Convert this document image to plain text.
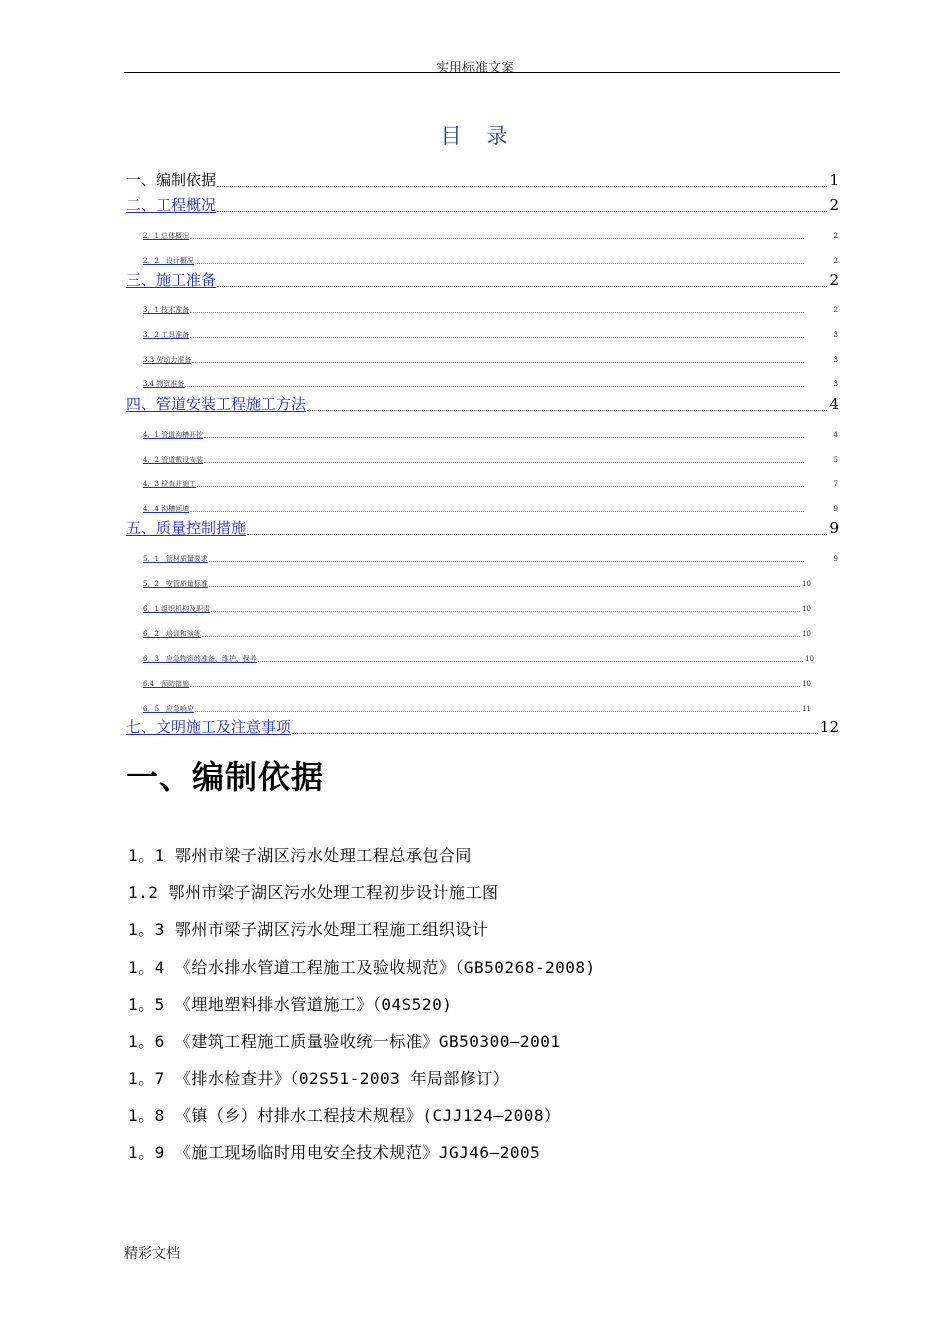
实用标准文案
目　录
一、编制依据	1
二、工程概况	2
2．1 总体概况	2
2．2　设计概况	2
三、施工准备	2
3．1 技术准备	2
3．2 工具准备	3
3.3 劳动力准备	3
3.4 物资准备	3
四、管道安装工程施工方法	4
4．1 管道沟槽开挖	4
4．2 管道敷设安装	5
4．3 检查井施工	7
4．4 沟槽回填	9
五、质量控制措施	9
5．1　管材质量要求	9
5．2　安管质量标准	10
6．1 组织机构及职责	10
6．2　培训和演练	10
6．3　应急物资的准备、维护、保养	10
6.4　预防措施	10
6．5　应急响应	11
七、文明施工及注意事项	12
一、编制依据
1。1 鄂州市梁子湖区污水处理工程总承包合同
1.2 鄂州市梁子湖区污水处理工程初步设计施工图
1。3 鄂州市梁子湖区污水处理工程施工组织设计
1。4 《给水排水管道工程施工及验收规范》（GB50268-2008)
1。5 《埋地塑料排水管道施工》（04S520)
1。6 《建筑工程施工质量验收统一标准》GB50300—2001
1。7 《排水检查井》（02S51-2003 年局部修订）
1。8 《镇（乡）村排水工程技术规程》(CJJ124—2008）
1。9 《施工现场临时用电安全技术规范》JGJ46—2005
精彩文档
